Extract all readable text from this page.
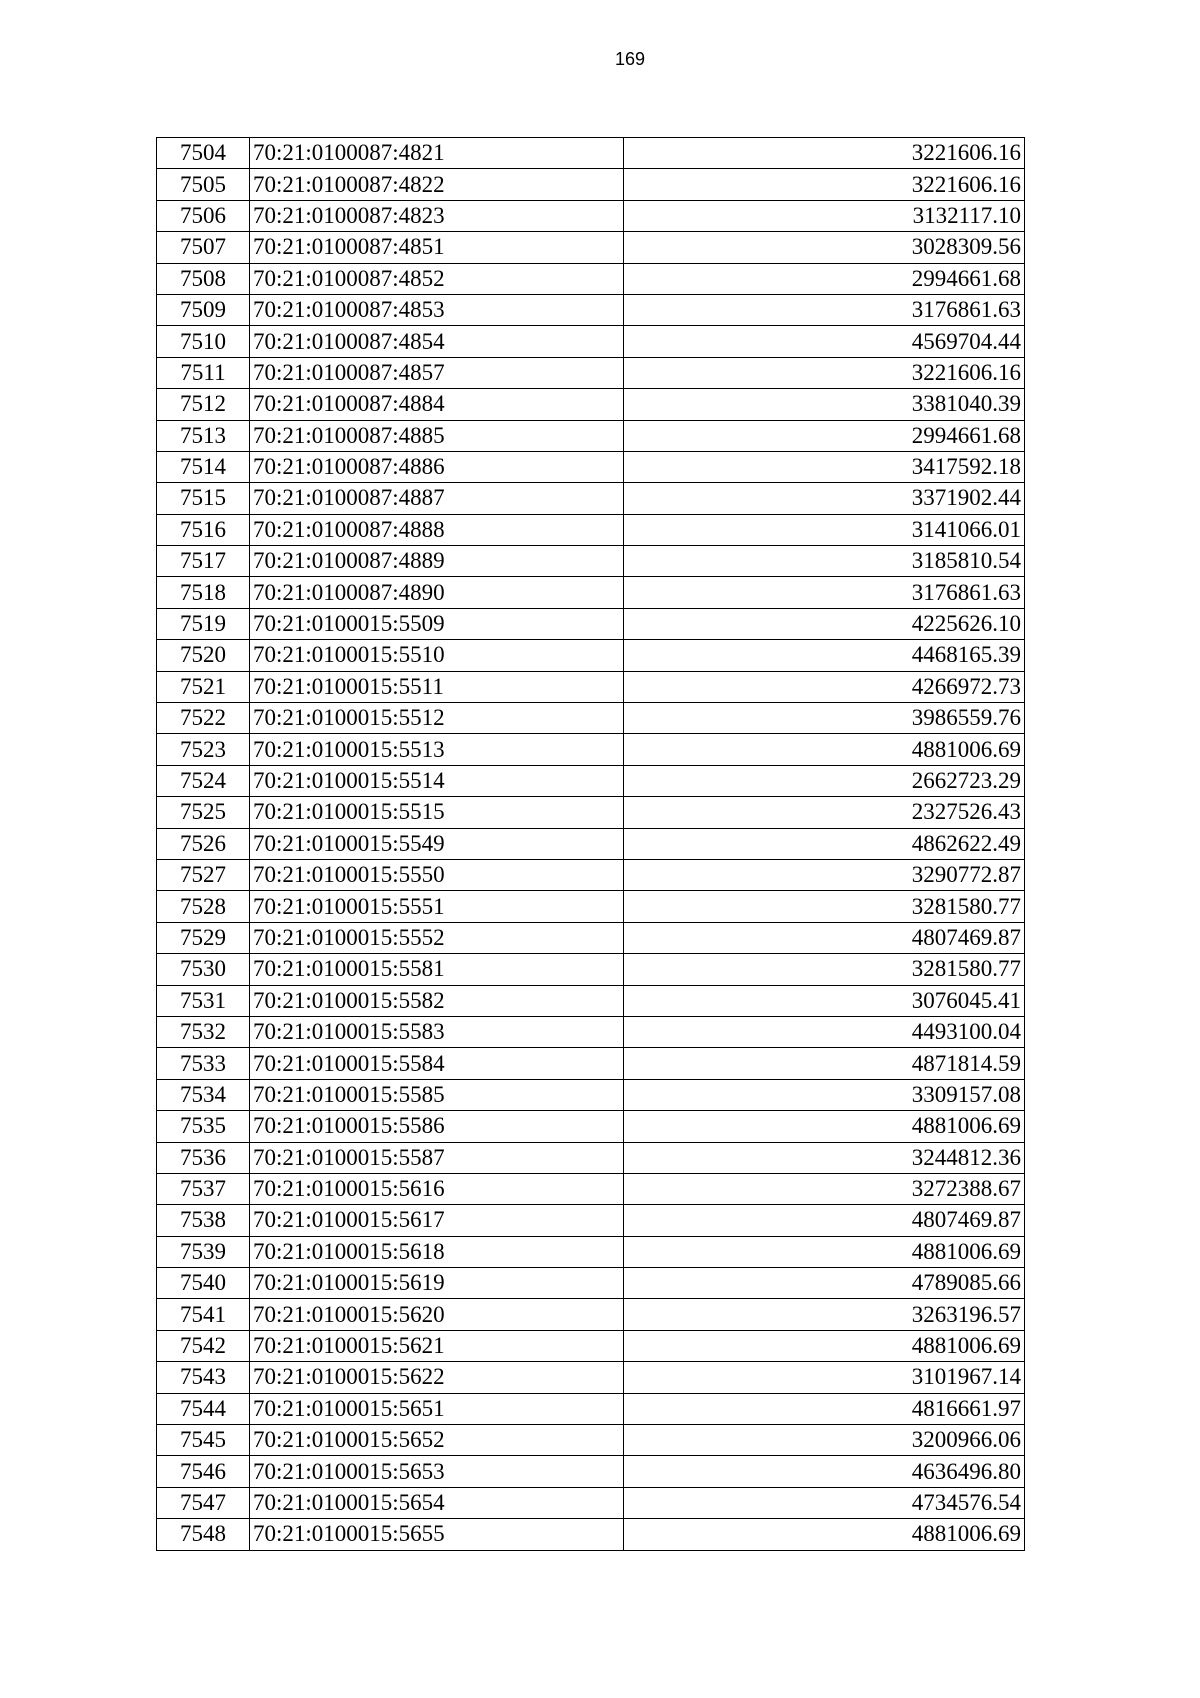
169
7504	70:21:0100087:4821	3221606.16
7505	70:21:0100087:4822	3221606.16
7506	70:21:0100087:4823	3132117.10
7507	70:21:0100087:4851	3028309.56
7508	70:21:0100087:4852	2994661.68
7509	70:21:0100087:4853	3176861.63
7510	70:21:0100087:4854	4569704.44
7511	70:21:0100087:4857	3221606.16
7512	70:21:0100087:4884	3381040.39
7513	70:21:0100087:4885	2994661.68
7514	70:21:0100087:4886	3417592.18
7515	70:21:0100087:4887	3371902.44
7516	70:21:0100087:4888	3141066.01
7517	70:21:0100087:4889	3185810.54
7518	70:21:0100087:4890	3176861.63
7519	70:21:0100015:5509	4225626.10
7520	70:21:0100015:5510	4468165.39
7521	70:21:0100015:5511	4266972.73
7522	70:21:0100015:5512	3986559.76
7523	70:21:0100015:5513	4881006.69
7524	70:21:0100015:5514	2662723.29
7525	70:21:0100015:5515	2327526.43
7526	70:21:0100015:5549	4862622.49
7527	70:21:0100015:5550	3290772.87
7528	70:21:0100015:5551	3281580.77
7529	70:21:0100015:5552	4807469.87
7530	70:21:0100015:5581	3281580.77
7531	70:21:0100015:5582	3076045.41
7532	70:21:0100015:5583	4493100.04
7533	70:21:0100015:5584	4871814.59
7534	70:21:0100015:5585	3309157.08
7535	70:21:0100015:5586	4881006.69
7536	70:21:0100015:5587	3244812.36
7537	70:21:0100015:5616	3272388.67
7538	70:21:0100015:5617	4807469.87
7539	70:21:0100015:5618	4881006.69
7540	70:21:0100015:5619	4789085.66
7541	70:21:0100015:5620	3263196.57
7542	70:21:0100015:5621	4881006.69
7543	70:21:0100015:5622	3101967.14
7544	70:21:0100015:5651	4816661.97
7545	70:21:0100015:5652	3200966.06
7546	70:21:0100015:5653	4636496.80
7547	70:21:0100015:5654	4734576.54
7548	70:21:0100015:5655	4881006.69
